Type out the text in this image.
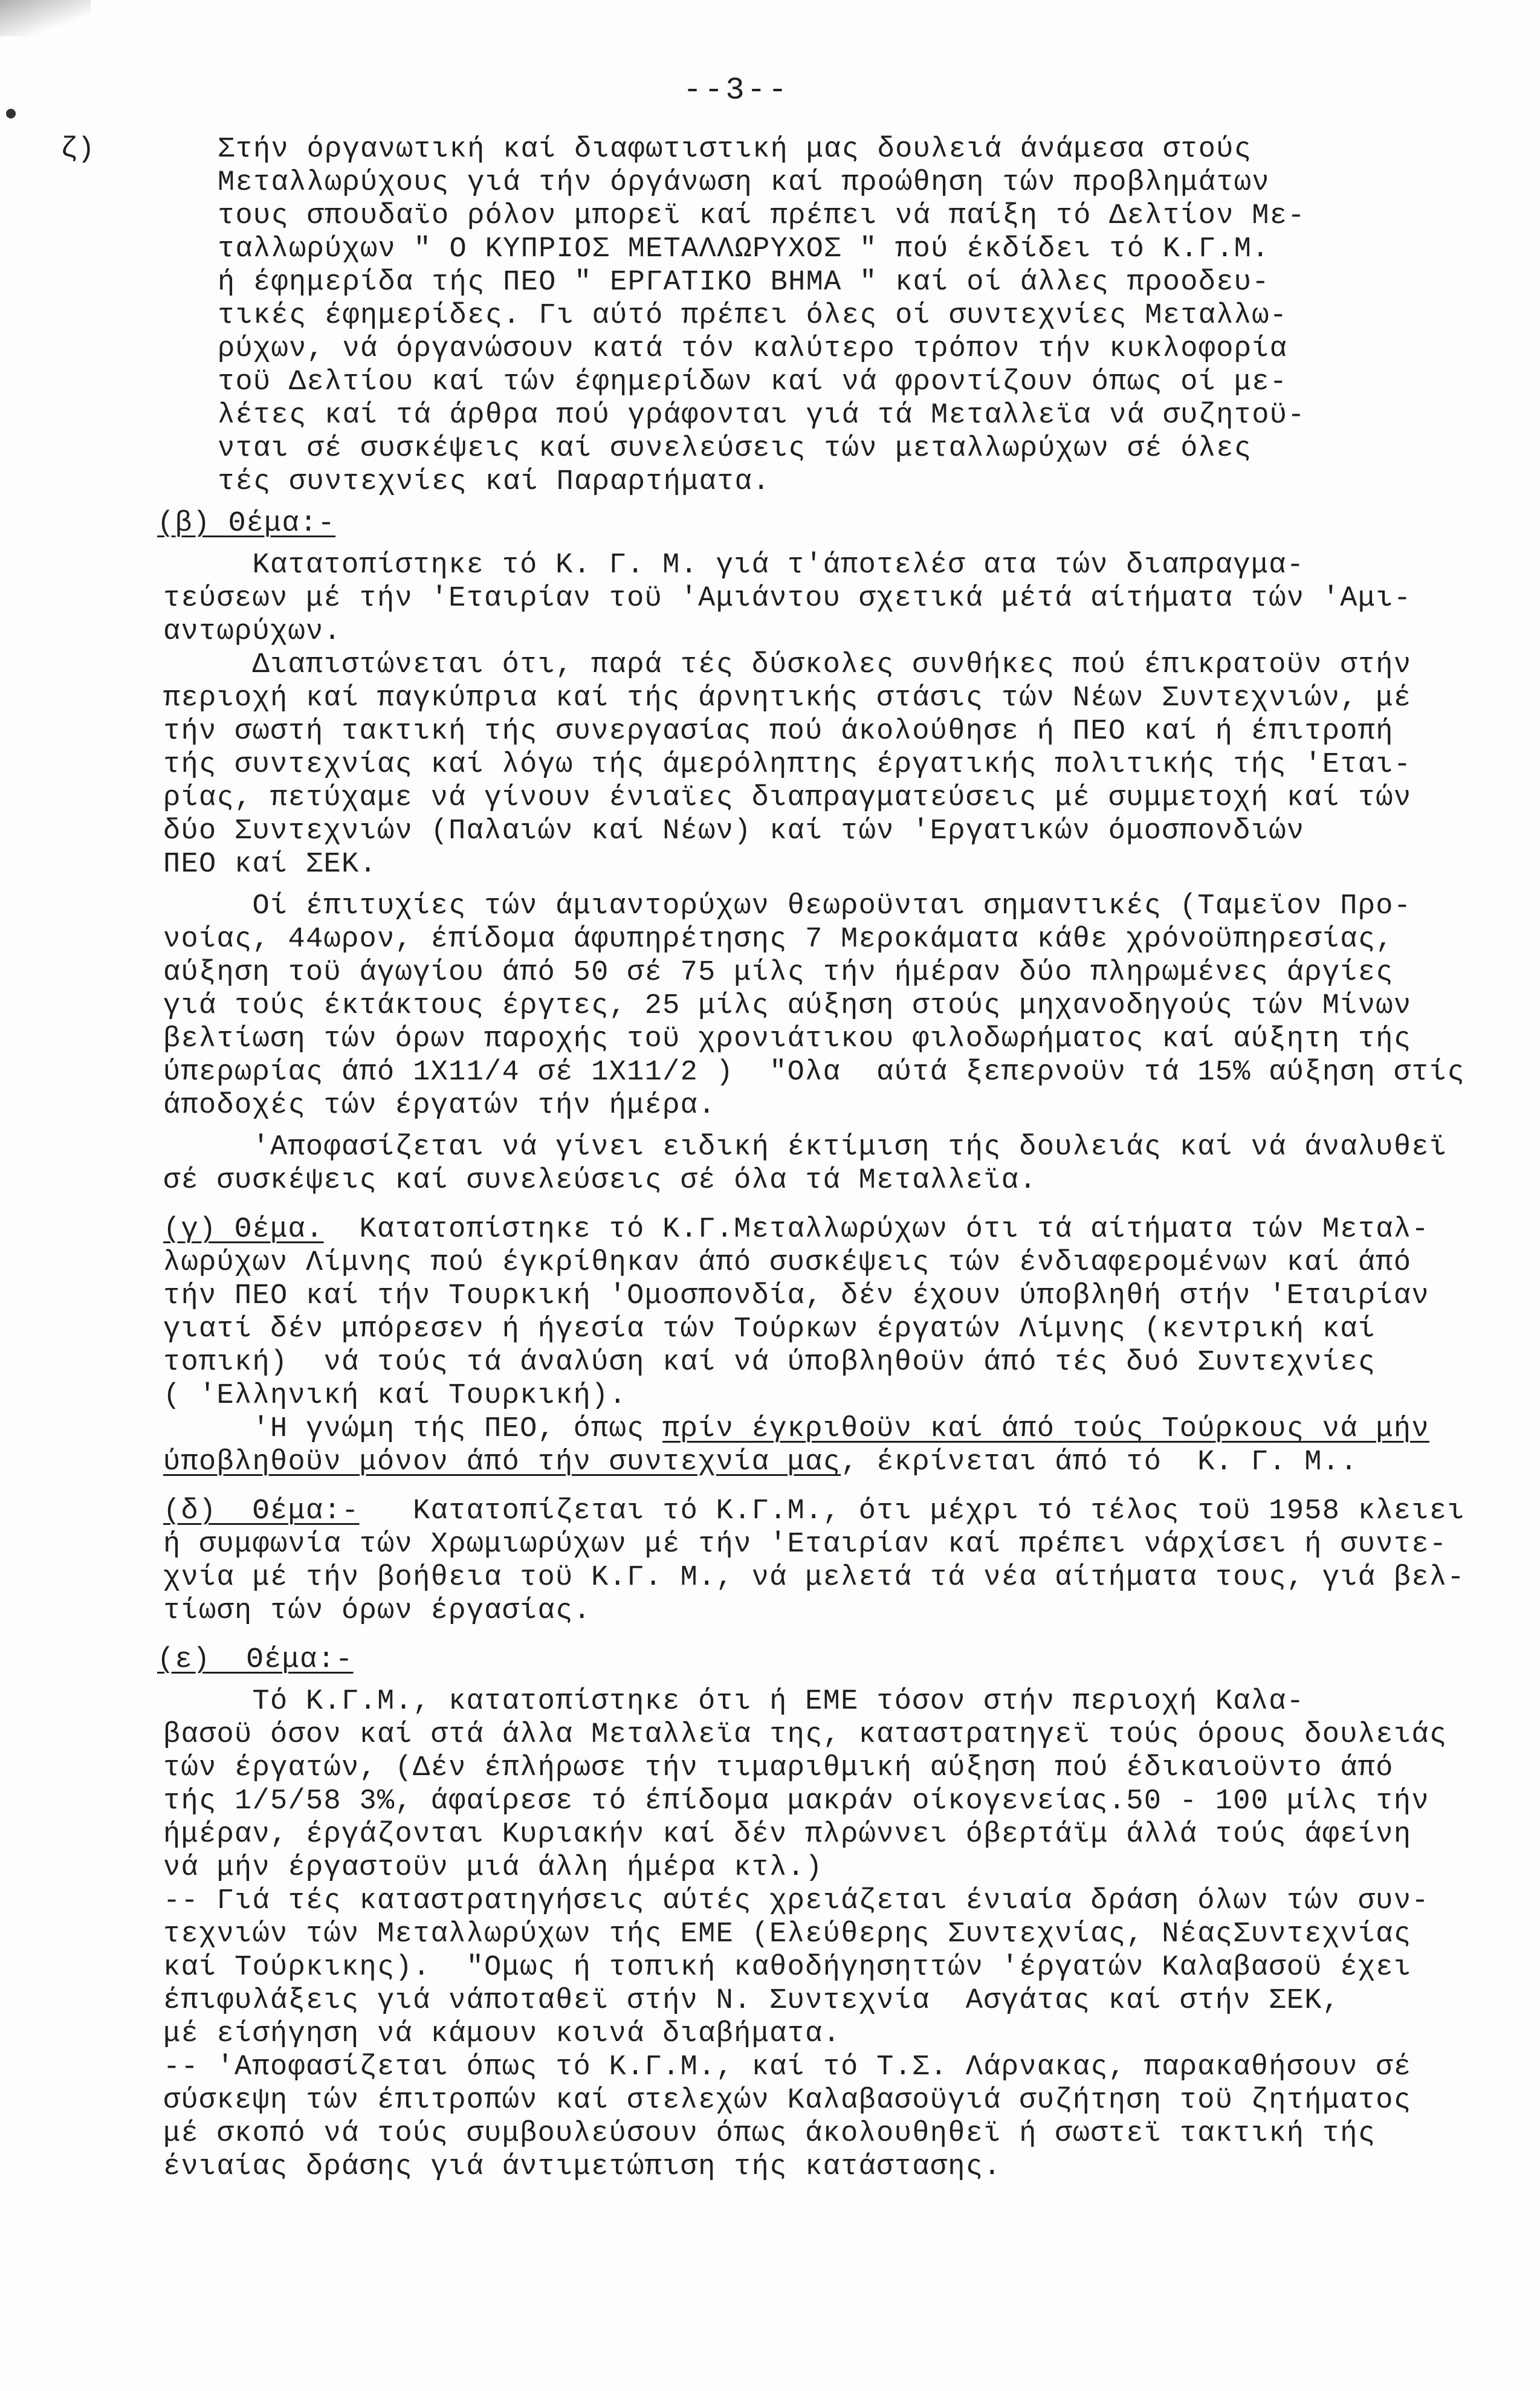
--3--
ζ)	Στήν όργανωτική καί διαφωτιστική μας δουλειά άνάμεσα στούς
Μεταλλωρύχους γιά τήν όργάνωση καί προώθηση τών προβλημάτων
τους σπουδαϊο ρόλον μπορεϊ καί πρέπει νά παίξη τό Δελτίον Με-
ταλλωρύχων " Ο ΚΥΠΡΙΟΣ ΜΕΤΑΛΛΩΡΥΧΟΣ " πού έκδίδει τό Κ.Γ.Μ.
ή έφημερίδα τής ΠΕΟ " ΕΡΓΑΤΙΚΟ ΒΗΜΑ " καί οί άλλες προοδευ-
τικές έφημερίδες. Γι αύτό πρέπει όλες οί συντεχνίες Μεταλλω-
ρύχων, νά όργανώσουν κατά τόν καλύτερο τρόπον τήν κυκλοφορία
τοϋ Δελτίου καί τών έφημερίδων καί νά φροντίζουν όπως οί με-
λέτες καί τά άρθρα πού γράφονται γιά τά Μεταλλεϊα νά συζητοϋ-
νται σέ συσκέψεις καί συνελεύσεις τών μεταλλωρύχων σέ όλες
τές συντεχνίες καί Παραρτήματα.
(β) Θέμα:-
Κατατοπίστηκε τό Κ. Γ. Μ. γιά τ'άποτελέσ ατα τών διαπραγμα-
τεύσεων μέ τήν 'Εταιρίαν τοϋ 'Αμιάντου σχετικά μέτά αίτήματα τών 'Αμι-
αντωρύχων.
Διαπιστώνεται ότι, παρά τές δύσκολες συνθήκες πού έπικρατοϋν στήν
περιοχή καί παγκύπρια καί τής άρνητικής στάσις τών Νέων Συντεχνιών, μέ
τήν σωστή τακτική τής συνεργασίας πού άκολούθησε ή ΠΕΟ καί ή έπιτροπή
τής συντεχνίας καί λόγω τής άμερόληπτης έργατικής πολιτικής τής 'Εται-
ρίας, πετύχαμε νά γίνουν ένιαϊες διαπραγματεύσεις μέ συμμετοχή καί τών
δύο Συντεχνιών (Παλαιών καί Νέων) καί τών 'Εργατικών όμοσπονδιών
ΠΕΟ καί ΣΕΚ.
Οί έπιτυχίες τών άμιαντορύχων θεωροϋνται σημαντικές (Ταμεϊον Προ-
νοίας, 44ωρον, έπίδομα άφυπηρέτησης 7 Μεροκάματα κάθε χρόνοϋπηρεσίας,
αύξηση τοϋ άγωγίου άπό 50 σέ 75 μίλς τήν ήμέραν δύο πληρωμένες άργίες
γιά τούς έκτάκτους έργτες, 25 μίλς αύξηση στούς μηχανοδηγούς τών Μίνων
βελτίωση τών όρων παροχής τοϋ χρονιάτικου φιλοδωρήματος καί αύξητη τής
ύπερωρίας άπό 1Χ11/4 σέ 1Χ11/2 )  "Ολα  αύτά ξεπερνοϋν τά 15% αύξηση στίς
άποδοχές τών έργατών τήν ήμέρα.
'Αποφασίζεται νά γίνει ειδική έκτίμιση τής δουλειάς καί νά άναλυθεϊ
σέ συσκέψεις καί συνελεύσεις σέ όλα τά Μεταλλεϊα.
(γ) Θέμα.  Κατατοπίστηκε τό Κ.Γ.Μεταλλωρύχων ότι τά αίτήματα τών Μεταλ-
λωρύχων Λίμνης πού έγκρίθηκαν άπό συσκέψεις τών ένδιαφερομένων καί άπό
τήν ΠΕΟ καί τήν Τουρκική 'Ομοσπονδία, δέν έχουν ύποβληθή στήν 'Εταιρίαν
γιατί δέν μπόρεσεν ή ήγεσία τών Τούρκων έργατών Λίμνης (κεντρική καί
τοπική)  νά τούς τά άναλύση καί νά ύποβληθοϋν άπό τές δυό Συντεχνίες
( 'Ελληνική καί Τουρκική).
'Η γνώμη τής ΠΕΟ, όπως πρίν έγκριθοϋν καί άπό τούς Τούρκους νά μήν
ύποβληθοϋν μόνον άπό τήν συντεχνία μας, έκρίνεται άπό τό  Κ. Γ. Μ..
(δ)  Θέμα:-   Κατατοπίζεται τό Κ.Γ.Μ., ότι μέχρι τό τέλος τοϋ 1958 κλειει
ή συμφωνία τών Χρωμιωρύχων μέ τήν 'Εταιρίαν καί πρέπει νάρχίσει ή συντε-
χνία μέ τήν βοήθεια τοϋ Κ.Γ. Μ., νά μελετά τά νέα αίτήματα τους, γιά βελ-
τίωση τών όρων έργασίας.
(ε)  Θέμα:-
Τό Κ.Γ.Μ., κατατοπίστηκε ότι ή ΕΜΕ τόσον στήν περιοχή Καλα-
βασοϋ όσον καί στά άλλα Μεταλλεϊα της, καταστρατηγεϊ τούς όρους δουλειάς
τών έργατών, (Δέν έπλήρωσε τήν τιμαριθμική αύξηση πού έδικαιοϋντο άπό
τής 1/5/58 3%, άφαίρεσε τό έπίδομα μακράν οίκογενείας.50 - 100 μίλς τήν
ήμέραν, έργάζονται Κυριακήν καί δέν πλρώννει όβερτάϊμ άλλά τούς άφείνη
νά μήν έργαστοϋν μιά άλλη ήμέρα κτλ.)
-- Γιά τές καταστρατηγήσεις αύτές χρειάζεται ένιαία δράση όλων τών συν-
τεχνιών τών Μεταλλωρύχων τής ΕΜΕ (Ελεύθερης Συντεχνίας, ΝέαςΣυντεχνίας
καί Τούρκικης).  "Ομως ή τοπική καθοδήγησηττών 'έργατών Καλαβασοϋ έχει
έπιφυλάξεις γιά νάποταθεϊ στήν Ν. Συντεχνία  Ασγάτας καί στήν ΣΕΚ,
μέ είσήγηση νά κάμουν κοινά διαβήματα.
-- 'Αποφασίζεται όπως τό Κ.Γ.Μ., καί τό Τ.Σ. Λάρνακας, παρακαθήσουν σέ
σύσκεψη τών έπιτροπών καί στελεχών Καλαβασοϋγιά συζήτηση τοϋ ζητήματος
μέ σκοπό νά τούς συμβουλεύσουν όπως άκολουθηθεϊ ή σωστεϊ τακτική τής
ένιαίας δράσης γιά άντιμετώπιση τής κατάστασης.
